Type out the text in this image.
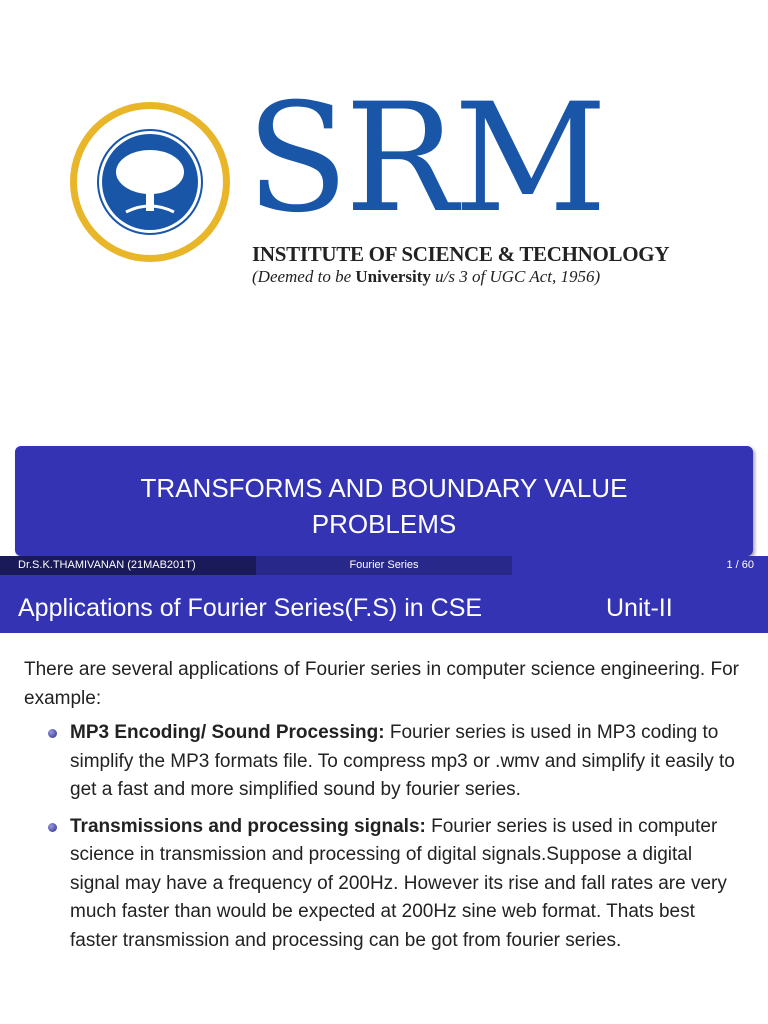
SRM
INSTITUTE OF SCIENCE & TECHNOLOGY
(Deemed to be University u/s 3 of UGC Act, 1956)
TRANSFORMS AND BOUNDARY VALUE PROBLEMS
Dr.S.K.THAMIVANAN (21MAB201T)	Fourier Series	1 / 60
Applications of Fourier Series(F.S) in CSE	Unit-II

There are several applications of Fourier series in computer science engineering. For example:

MP3 Encoding/ Sound Processing: Fourier series is used in MP3 coding to simplify the MP3 formats file. To compress mp3 or .wmv and simplify it easily to get a fast and more simplified sound by fourier series.
Transmissions and processing signals: Fourier series is used in computer science in transmission and processing of digital signals.Suppose a digital signal may have a frequency of 200Hz. However its rise and fall rates are very much faster than would be expected at 200Hz sine web format. Thats best faster transmission and processing can be got from fourier series.
